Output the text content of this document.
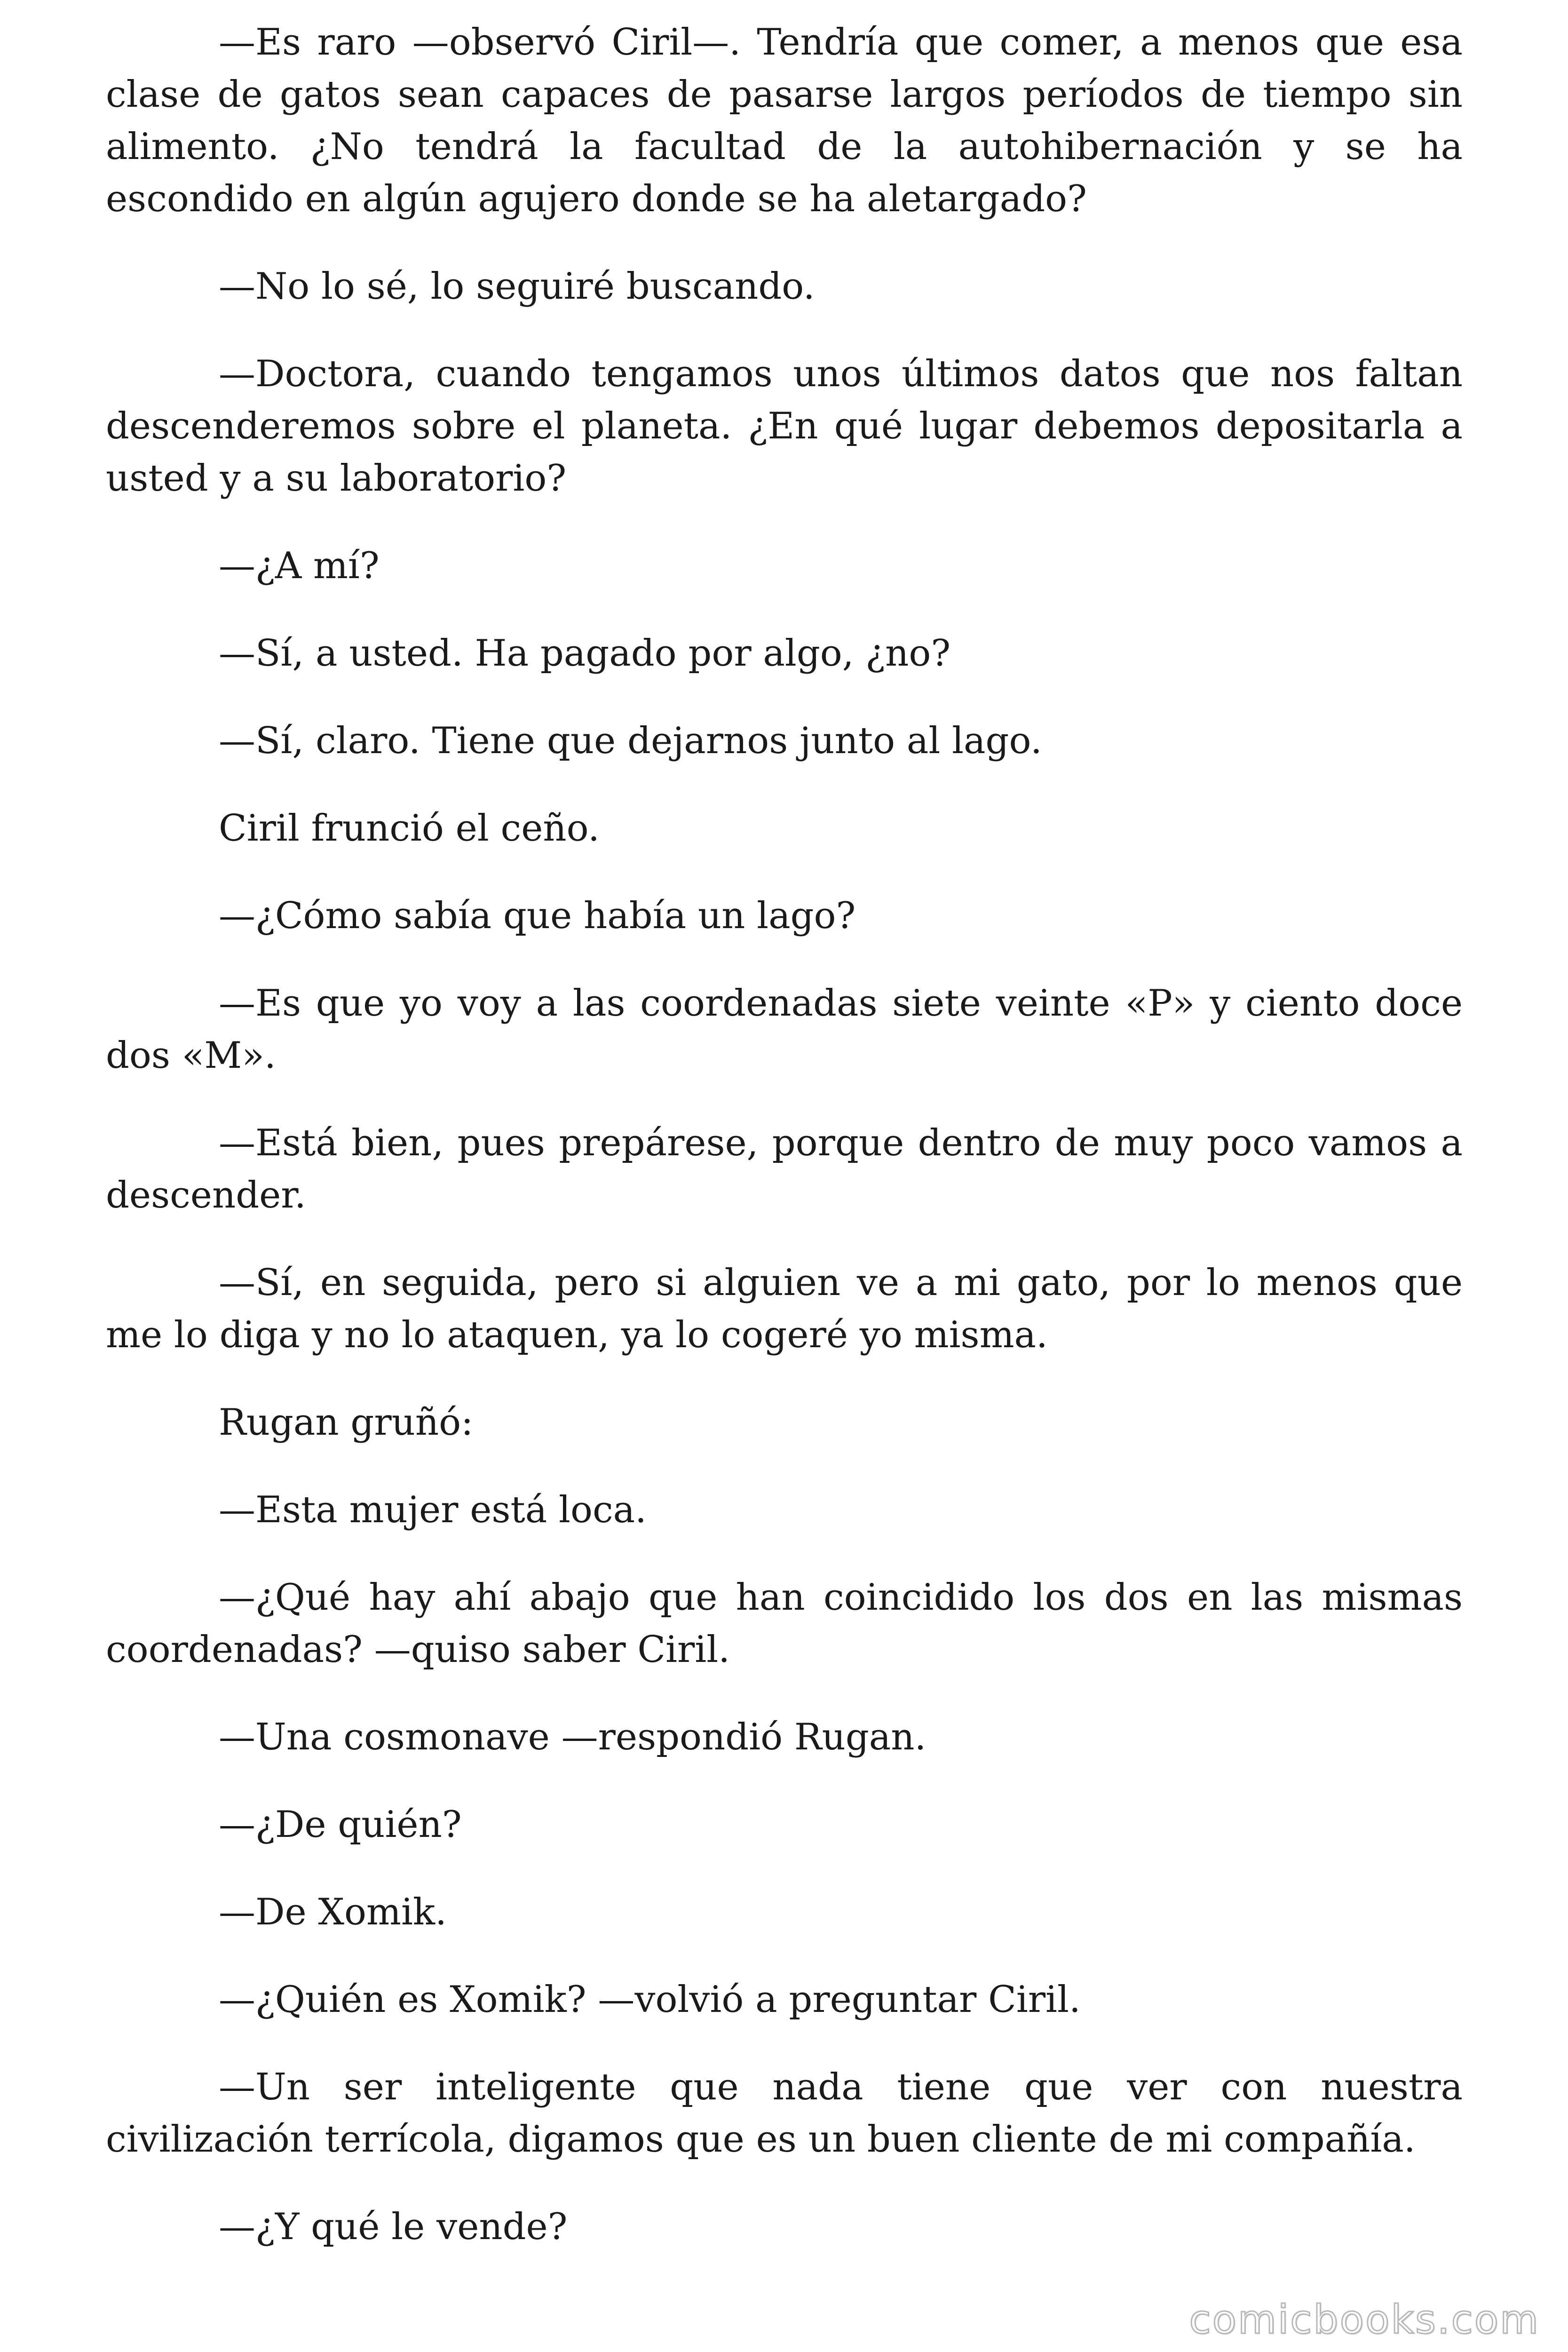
—Es raro —observó Ciril—. Tendría que comer, a menos que esa clase de gatos sean capaces de pasarse largos períodos de tiempo sin alimento. ¿No tendrá la facultad de la autohibernación y se ha escondido en algún agujero donde se ha aletargado?

—No lo sé, lo seguiré buscando.

—Doctora, cuando tengamos unos últimos datos que nos faltan descenderemos sobre el planeta. ¿En qué lugar debemos depositarla a usted y a su laboratorio?

—¿A mí?

—Sí, a usted. Ha pagado por algo, ¿no?

—Sí, claro. Tiene que dejarnos junto al lago.

Ciril frunció el ceño.

—¿Cómo sabía que había un lago?

—Es que yo voy a las coordenadas siete veinte «P» y ciento doce dos «M».

—Está bien, pues prepárese, porque dentro de muy poco vamos a descender.

—Sí, en seguida, pero si alguien ve a mi gato, por lo menos que me lo diga y no lo ataquen, ya lo cogeré yo misma.

Rugan gruñó:

—Esta mujer está loca.

—¿Qué hay ahí abajo que han coincidido los dos en las mismas coordenadas? —quiso saber Ciril.

—Una cosmonave —respondió Rugan.

—¿De quién?

—De Xomik.

—¿Quién es Xomik? —volvió a preguntar Ciril.

—Un ser inteligente que nada tiene que ver con nuestra civilización terrícola, digamos que es un buen cliente de mi compañía.

—¿Y qué le vende?

comicbooks.com
